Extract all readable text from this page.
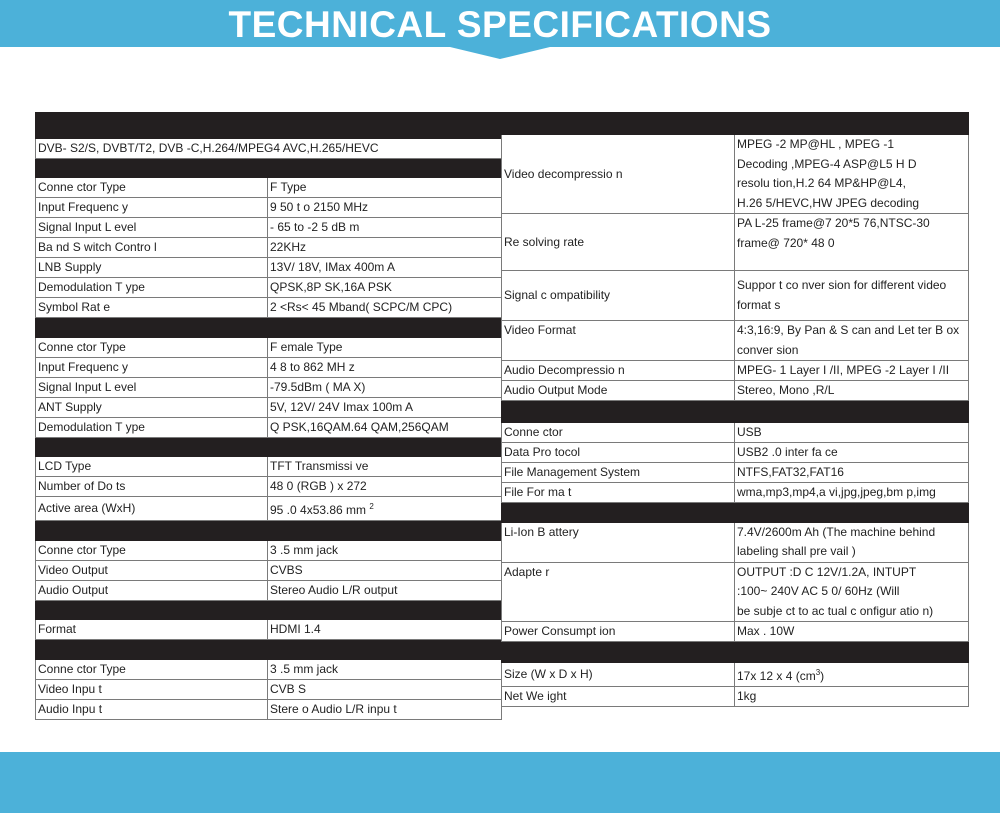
TECHNICAL SPECIFICATIONS

DVB- S2/S, DVBT/T2, DVB -C,H.264/MPEG4 AVC,H.265/HEVC	

Conne ctor Type	F Type
Input Frequenc y	9 50 t o 2150 MHz
Signal Input L evel	- 65 to -2 5 dB m
Ba nd S witch Contro l	22KHz
LNB Supply	13V/ 18V, IMax 400m A
Demodulation T ype	QPSK,8P SK,16A PSK
Symbol Rat e	2 <Rs< 45 Mband( SCPC/M CPC)

Conne ctor Type	F emale Type
Input Frequenc y	4 8 to 862 MH z
Signal Input L evel	-79.5dBm ( MA X)
ANT Supply	5V, 12V/ 24V Imax 100m A
Demodulation T ype	Q PSK,16QAM.64 QAM,256QAM

LCD Type	TFT Transmissi ve
Number of Do ts	48 0 (RGB ) x 272
Active area (WxH)	95 .0 4x53.86 mm $^2$

Conne ctor Type	3 .5 mm jack
Video Output	CVBS
Audio Output	Stereo Audio L/R output

Format	HDMI 1.4

Conne ctor Type	3 .5 mm jack
Video Inpu t	CVB S
Audio Inpu t	Stere o Audio L/R inpu t

Video decompressio n	MPEG -2 MP@HL , MPEG -1
Decoding ,MPEG-4 ASP@L5 H D
resolu tion,H.2 64 MP&HP@L4,
H.26 5/HEVC,HW JPEG decoding

Re solving rate	PA L-25 frame@7 20*5 76,NTSC-30
frame@ 720* 48 0

Signal c ompatibility	Suppor t co nver sion for different video
format s

Video Format	4:3,16:9, By Pan & S can and Let ter B ox
conver sion

Audio Decompressio n	MPEG- 1 Layer I /II, MPEG -2 Layer I /II
Audio Output Mode	Stereo, Mono ,R/L

Conne ctor	USB
Data Pro tocol	USB2 .0 inter fa ce
File Management System	NTFS,FAT32,FAT16
File For ma t	wma,mp3,mp4,a vi,jpg,jpeg,bm p,img

Li-Ion B attery	7.4V/2600m Ah (The machine behind
labeling shall pre vail )

Adapte r	OUTPUT :D C 12V/1.2A, INTUPT
:100~ 240V AC 5 0/ 60Hz (Will
be subje ct to ac tual c onfigur atio n)

Power Consumpt ion	Max . 10W

Size (W x D x H)	17x 12 x 4 $(cm^3)$
Net We ight	1kg
